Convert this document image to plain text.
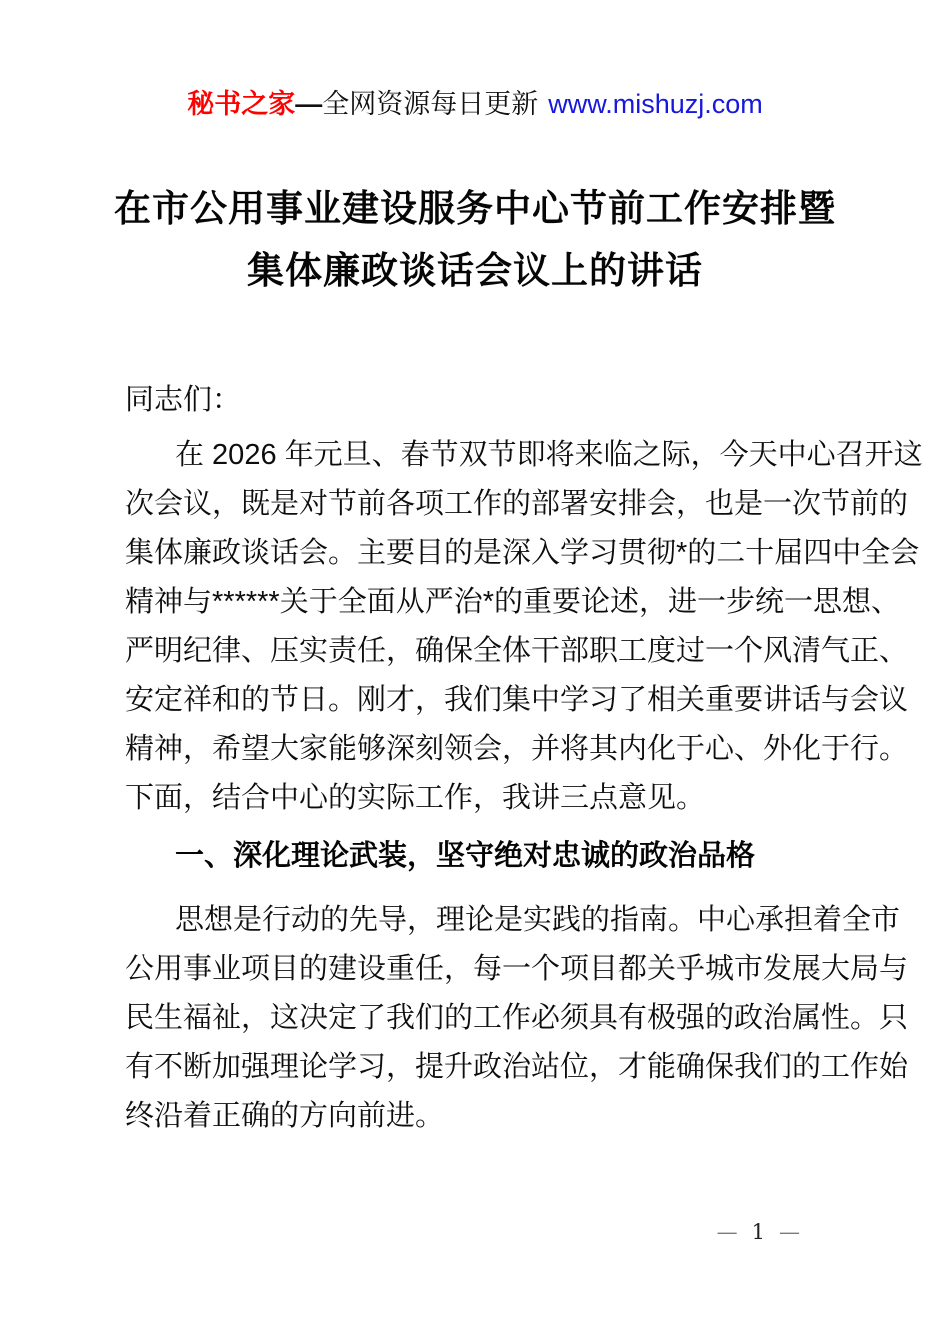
秘书之家—全网资源每日更新 www.mishuzj.com
在市公用事业建设服务中心节前工作安排暨
集体廉政谈话会议上的讲话
同志们：
在 2026 年元旦、春节双节即将来临之际，今天中心召开这
次会议，既是对节前各项工作的部署安排会，也是一次节前的
集体廉政谈话会。主要目的是深入学习贯彻*的二十届四中全会
精神与******关于全面从严治*的重要论述，进一步统一思想、
严明纪律、压实责任，确保全体干部职工度过一个风清气正、
安定祥和的节日。刚才，我们集中学习了相关重要讲话与会议
精神，希望大家能够深刻领会，并将其内化于心、外化于行。
下面，结合中心的实际工作，我讲三点意见。
一、深化理论武装，坚守绝对忠诚的政治品格
思想是行动的先导，理论是实践的指南。中心承担着全市
公用事业项目的建设重任，每一个项目都关乎城市发展大局与
民生福祉，这决定了我们的工作必须具有极强的政治属性。只
有不断加强理论学习，提升政治站位，才能确保我们的工作始
终沿着正确的方向前进。
— 1 —
